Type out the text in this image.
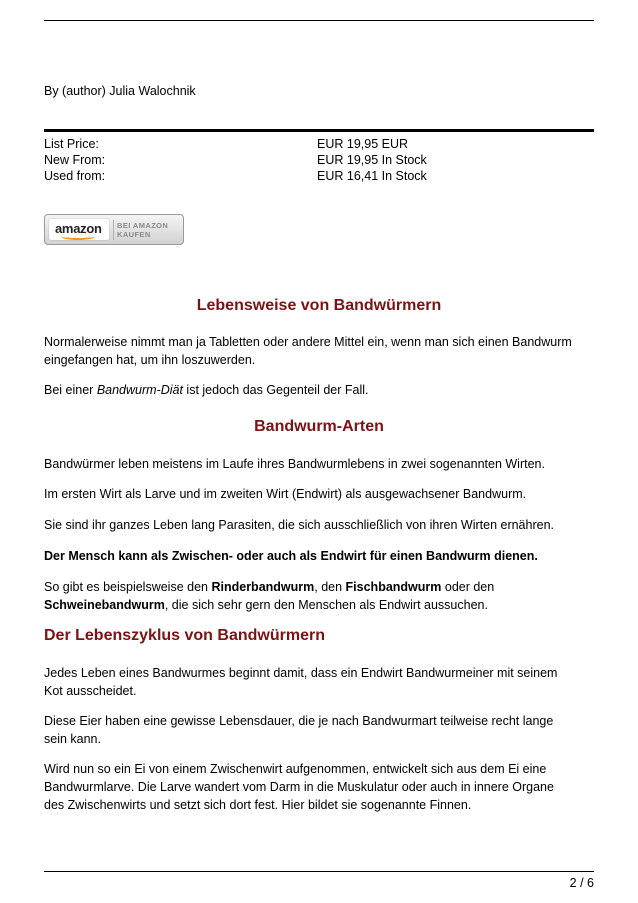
By (author) Julia Walochnik
List Price:	EUR 19,95 EUR
New From:	EUR 19,95 In Stock
Used from:	EUR 16,41 In Stock
amazon BEI AMAZON
KAUFEN
Lebensweise von Bandwürmern
Normalerweise nimmt man ja Tabletten oder andere Mittel ein, wenn man sich einen Bandwurm
eingefangen hat, um ihn loszuwerden.
Bei einer Bandwurm-Diät ist jedoch das Gegenteil der Fall.
Bandwurm-Arten
Bandwürmer leben meistens im Laufe ihres Bandwurmlebens in zwei sogenannten Wirten.
Im ersten Wirt als Larve und im zweiten Wirt (Endwirt) als ausgewachsener Bandwurm.
Sie sind ihr ganzes Leben lang Parasiten, die sich ausschließlich von ihren Wirten ernähren.
Der Mensch kann als Zwischen- oder auch als Endwirt für einen Bandwurm dienen.
So gibt es beispielsweise den Rinderbandwurm, den Fischbandwurm oder den
Schweinebandwurm, die sich sehr gern den Menschen als Endwirt aussuchen.
Der Lebenszyklus von Bandwürmern
Jedes Leben eines Bandwurmes beginnt damit, dass ein Endwirt Bandwurmeiner mit seinem
Kot ausscheidet.
Diese Eier haben eine gewisse Lebensdauer, die je nach Bandwurmart teilweise recht lange
sein kann.
Wird nun so ein Ei von einem Zwischenwirt aufgenommen, entwickelt sich aus dem Ei eine
Bandwurmlarve. Die Larve wandert vom Darm in die Muskulatur oder auch in innere Organe
des Zwischenwirts und setzt sich dort fest. Hier bildet sie sogenannte Finnen.
2 / 6
